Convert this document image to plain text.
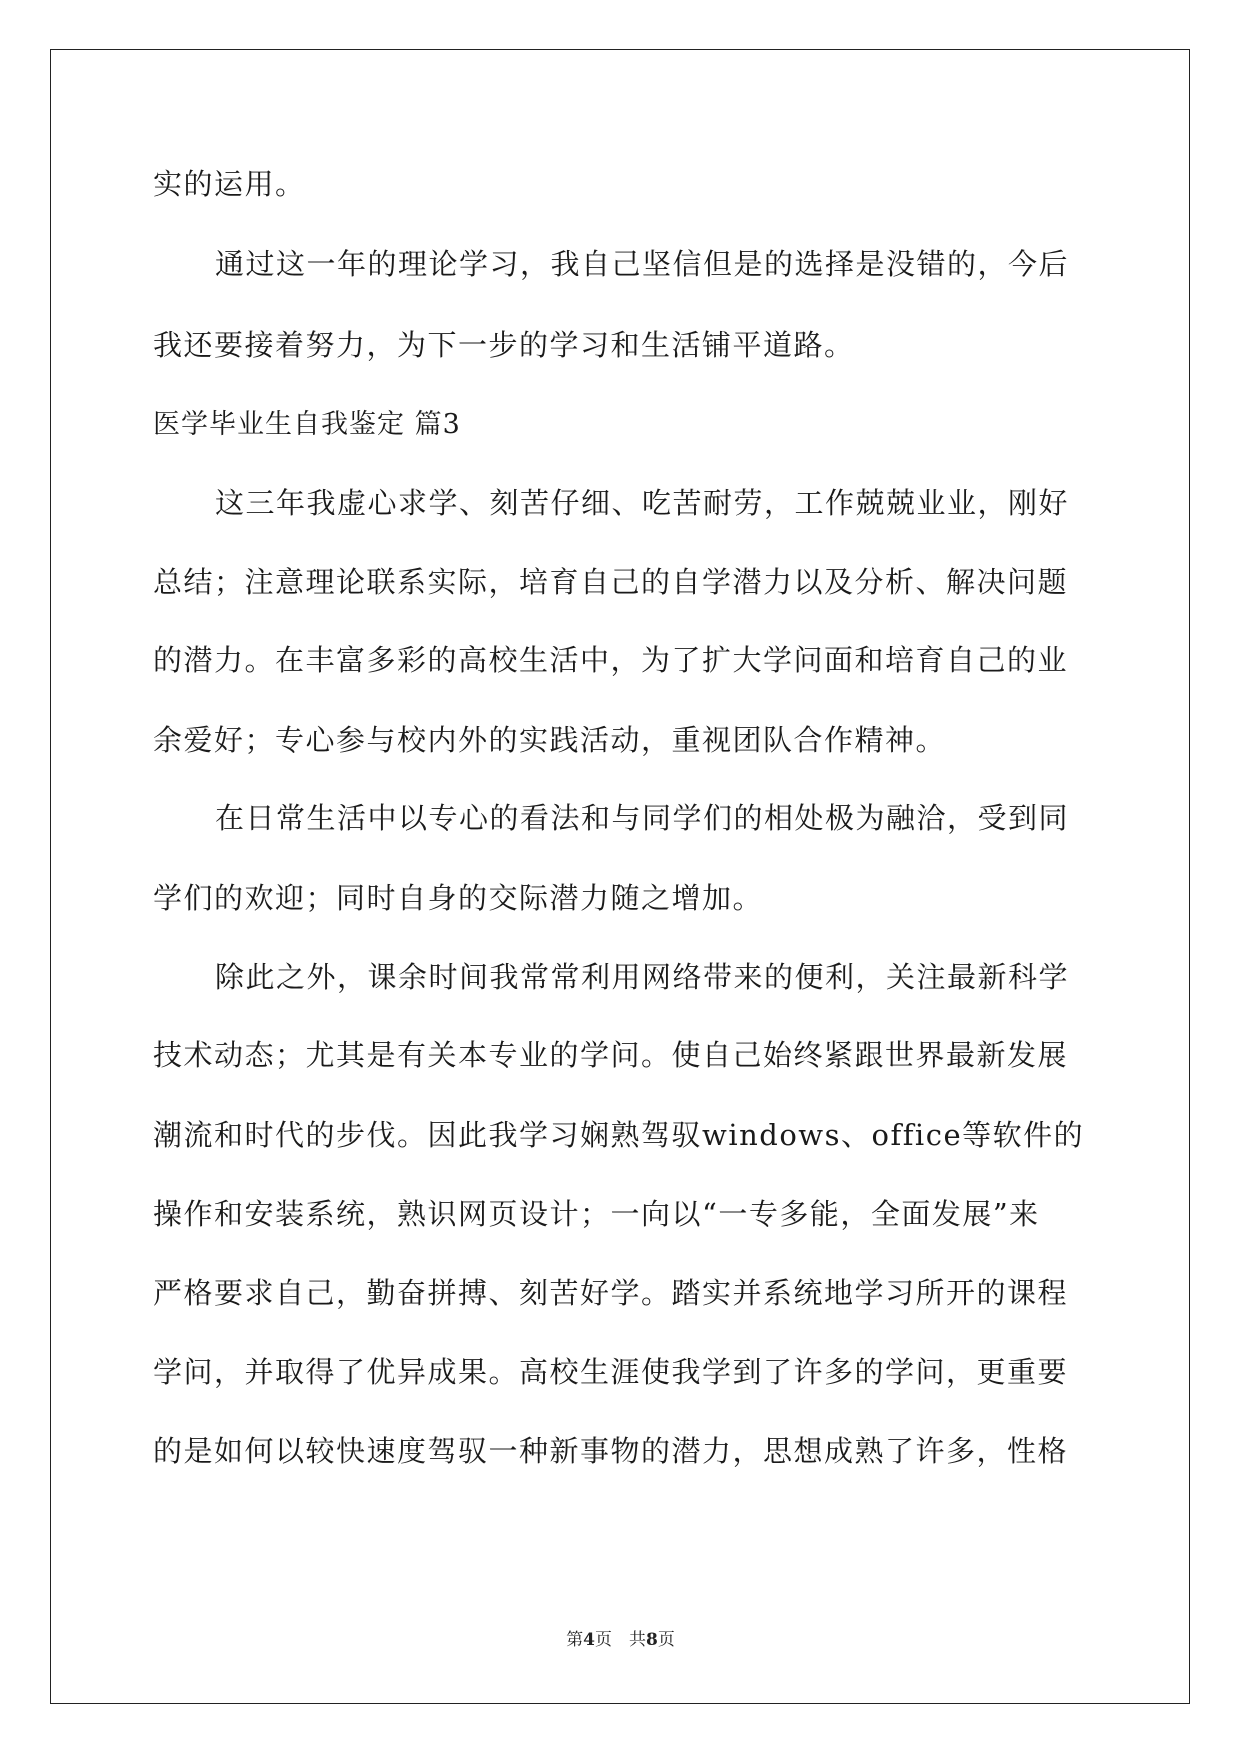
实的运用。
通过这一年的理论学习，我自己坚信但是的选择是没错的，今后
我还要接着努力，为下一步的学习和生活铺平道路。
医学毕业生自我鉴定 篇3
这三年我虚心求学、刻苦仔细、吃苦耐劳，工作兢兢业业，刚好
总结；注意理论联系实际，培育自己的自学潜力以及分析、解决问题
的潜力。在丰富多彩的高校生活中，为了扩大学问面和培育自己的业
余爱好；专心参与校内外的实践活动，重视团队合作精神。
在日常生活中以专心的看法和与同学们的相处极为融洽，受到同
学们的欢迎；同时自身的交际潜力随之增加。
除此之外，课余时间我常常利用网络带来的便利，关注最新科学
技术动态；尤其是有关本专业的学问。使自己始终紧跟世界最新发展
潮流和时代的步伐。因此我学习娴熟驾驭windows、office等软件的
操作和安装系统，熟识网页设计；一向以“一专多能，全面发展”来
严格要求自己，勤奋拼搏、刻苦好学。踏实并系统地学习所开的课程
学问，并取得了优异成果。高校生涯使我学到了许多的学问，更重要
的是如何以较快速度驾驭一种新事物的潜力，思想成熟了许多，性格
第4页　共8页
